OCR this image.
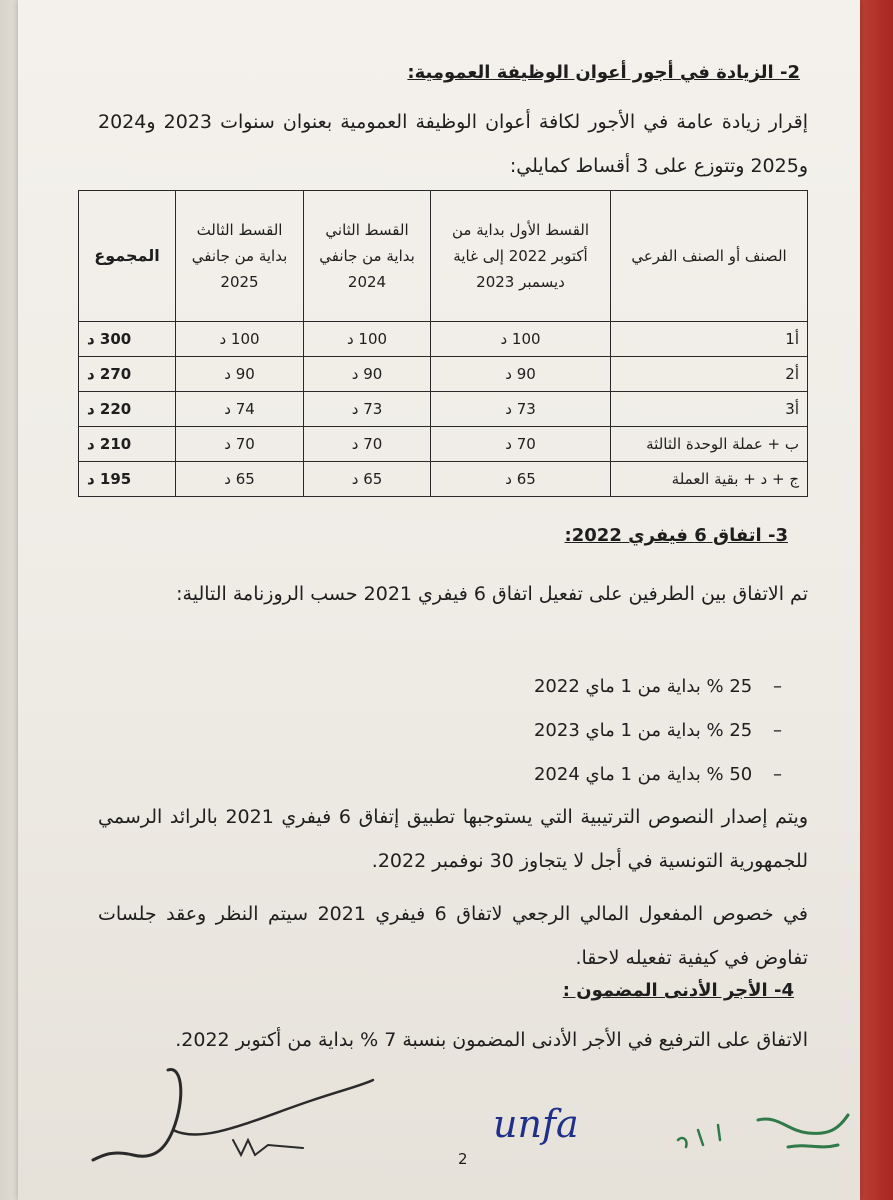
2- الزيادة في أجور أعوان الوظيفة العمومية:
إقرار زيادة عامة في الأجور لكافة أعوان الوظيفة العمومية بعنوان سنوات 2023 و2024 و2025 وتتوزع على 3 أقساط كمايلي:
الصنف أو الصنف الفرعي	القسط الأول بداية من أكتوبر 2022 إلى غاية ديسمبر 2023	القسط الثاني بداية من جانفي 2024	القسط الثالث بداية من جانفي 2025	المجموع
أ1	100 د	100 د	100 د	300 د
أ2	90 د	90 د	90 د	270 د
أ3	73 د	73 د	74 د	220 د
ب + عملة الوحدة الثالثة	70 د	70 د	70 د	210 د
ج + د + بقية العملة	65 د	65 د	65 د	195 د
3- اتفاق 6 فيفري 2022:
تم الاتفاق بين الطرفين على تفعيل اتفاق 6 فيفري 2021 حسب الروزنامة التالية:
– 25 % بداية من 1 ماي 2022
– 25 % بداية من 1 ماي 2023
– 50 % بداية من 1 ماي 2024
ويتم إصدار النصوص الترتيبية التي يستوجبها تطبيق إتفاق 6 فيفري 2021 بالرائد الرسمي للجمهورية التونسية في أجل لا يتجاوز 30 نوفمبر 2022.
في خصوص المفعول المالي الرجعي لاتفاق 6 فيفري 2021 سيتم النظر وعقد جلسات تفاوض في كيفية تفعيله لاحقا.
4- الأجر الأدنى المضمون :
الاتفاق على الترفيع في الأجر الأدنى المضمون بنسبة 7 % بداية من أكتوبر 2022.
unfa
2
